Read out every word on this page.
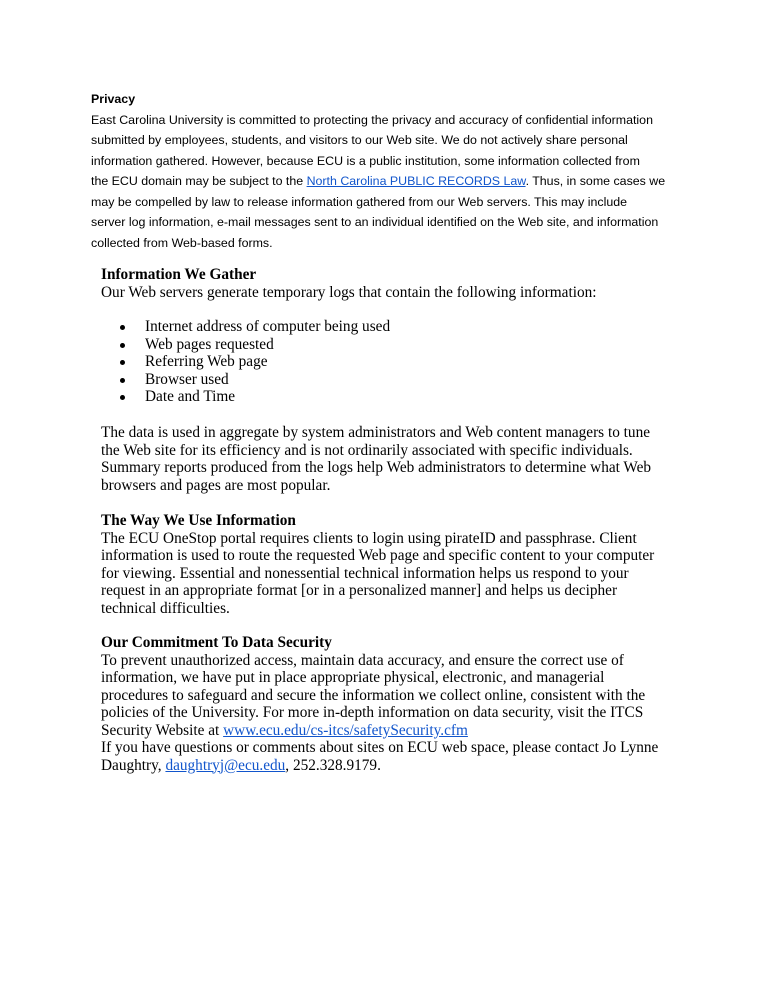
Privacy

East Carolina University is committed to protecting the privacy and accuracy of confidential information
submitted by employees, students, and visitors to our Web site. We do not actively share personal
information gathered. However, because ECU is a public institution, some information collected from
the ECU domain may be subject to the North Carolina PUBLIC RECORDS Law. Thus, in some cases we
may be compelled by law to release information gathered from our Web servers. This may include
server log information, e-mail messages sent to an individual identified on the Web site, and information
collected from Web-based forms.

Information We Gather
Our Web servers generate temporary logs that contain the following information:
Internet address of computer being used
Web pages requested
Referring Web page
Browser used
Date and Time
The data is used in aggregate by system administrators and Web content managers to tune
the Web site for its efficiency and is not ordinarily associated with specific individuals.
Summary reports produced from the logs help Web administrators to determine what Web
browsers and pages are most popular.
The Way We Use Information
The ECU OneStop portal requires clients to login using pirateID and passphrase. Client
information is used to route the requested Web page and specific content to your computer
for viewing. Essential and nonessential technical information helps us respond to your
request in an appropriate format [or in a personalized manner] and helps us decipher
technical difficulties.
Our Commitment To Data Security
To prevent unauthorized access, maintain data accuracy, and ensure the correct use of
information, we have put in place appropriate physical, electronic, and managerial
procedures to safeguard and secure the information we collect online, consistent with the
policies of the University. For more in-depth information on data security, visit the ITCS
Security Website at www.ecu.edu/cs-itcs/safetySecurity.cfm
If you have questions or comments about sites on ECU web space, please contact Jo Lynne
Daughtry, daughtryj@ecu.edu, 252.328.9179.
